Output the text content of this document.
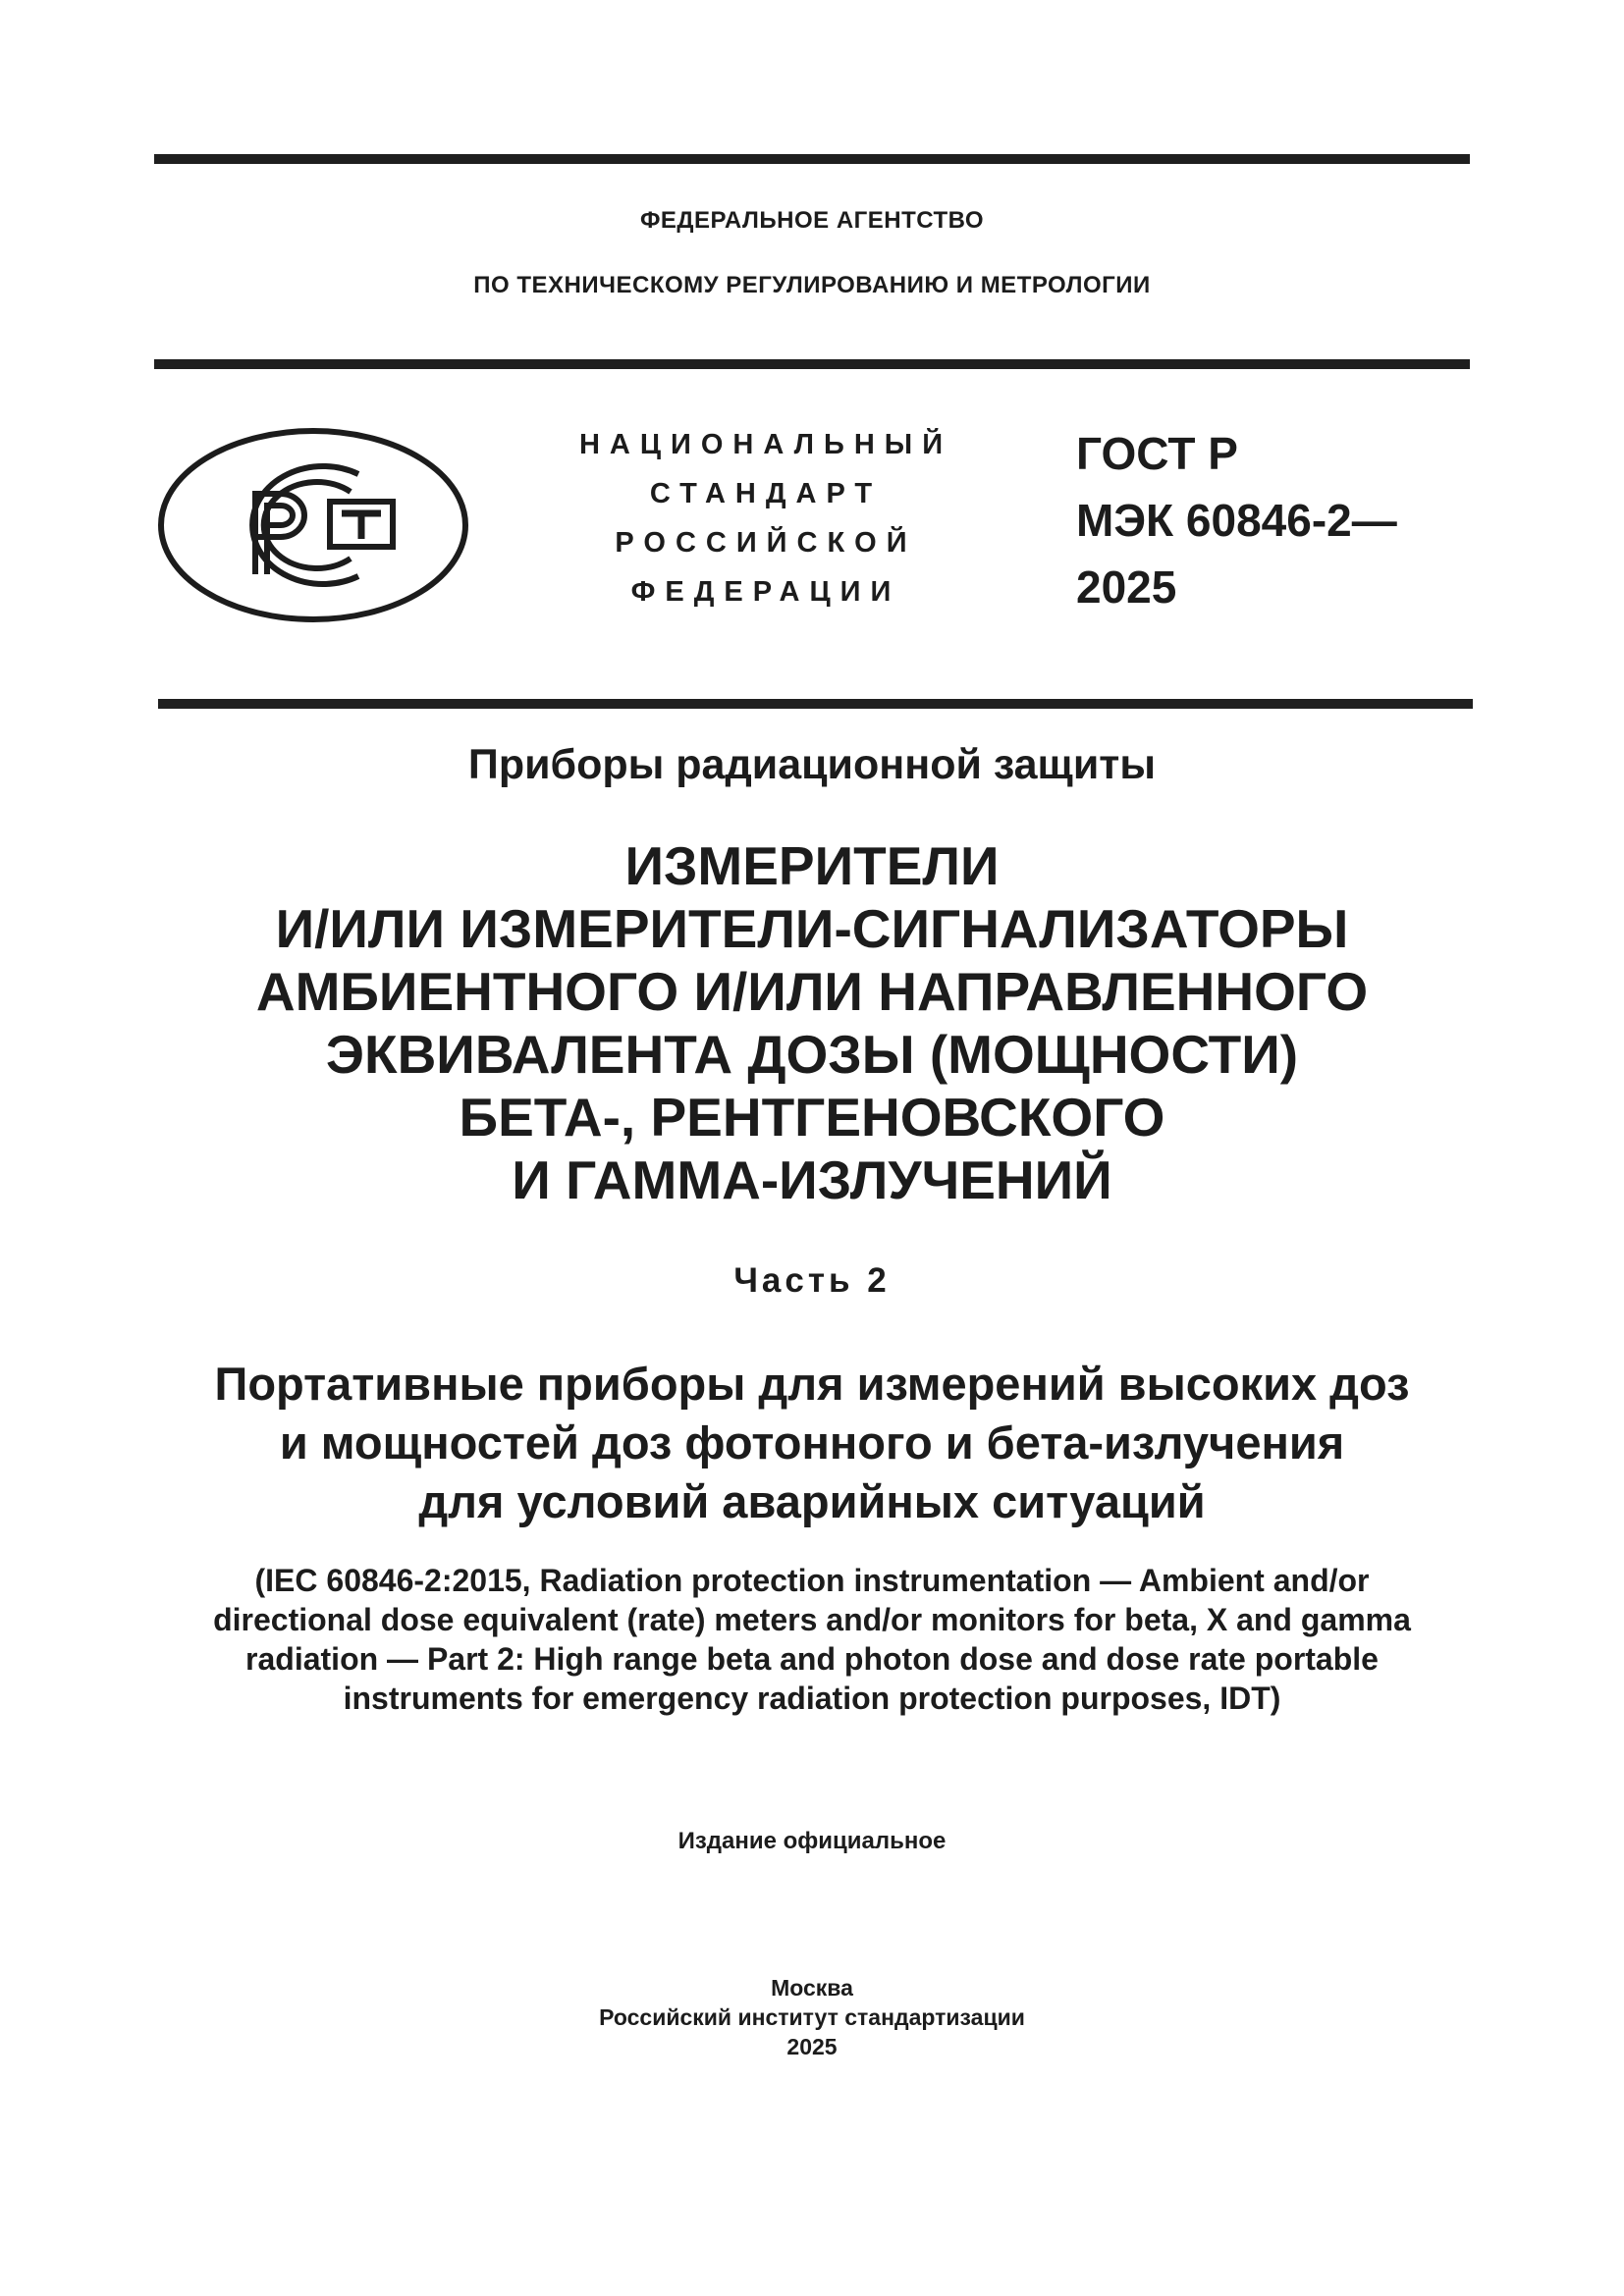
ФЕДЕРАЛЬНОЕ АГЕНТСТВО
ПО ТЕХНИЧЕСКОМУ РЕГУЛИРОВАНИЮ И МЕТРОЛОГИИ
НАЦИОНАЛЬНЫЙ
СТАНДАРТ
РОССИЙСКОЙ
ФЕДЕРАЦИИ
ГОСТ Р
МЭК 60846-2—
2025
Приборы радиационной защиты
ИЗМЕРИТЕЛИ
И/ИЛИ ИЗМЕРИТЕЛИ-СИГНАЛИЗАТОРЫ
АМБИЕНТНОГО И/ИЛИ НАПРАВЛЕННОГО
ЭКВИВАЛЕНТА ДОЗЫ (МОЩНОСТИ)
БЕТА-, РЕНТГЕНОВСКОГО
И ГАММА-ИЗЛУЧЕНИЙ
Часть 2
Портативные приборы для измерений высоких доз
и мощностей доз фотонного и бета-излучения
для условий аварийных ситуаций
(IEC 60846-2:2015, Radiation protection instrumentation — Ambient and/or
directional dose equivalent (rate) meters and/or monitors for beta, X and gamma
radiation — Part 2: High range beta and photon dose and dose rate portable
instruments for emergency radiation protection purposes, IDT)
Издание официальное
Москва
Российский институт стандартизации
2025
